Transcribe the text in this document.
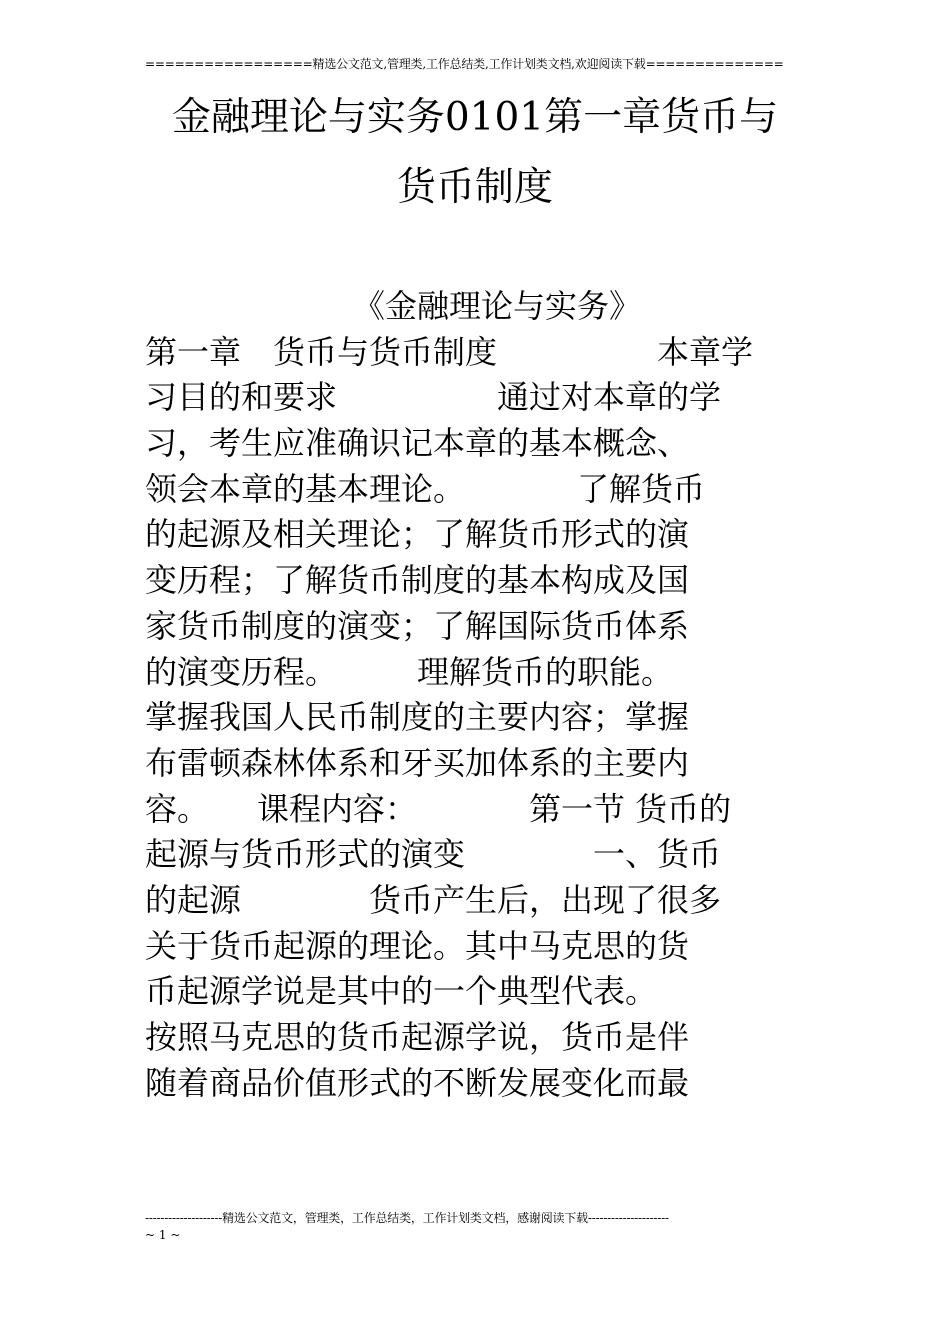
=================精选公文范文,管理类,工作总结类,工作计划类文档,欢迎阅读下载==============
金融理论与实务0101第一章货币与
货币制度
　　　　　　　《金融理论与实务》
第一章　货币与货币制度　　　　　本章学
习目的和要求　　　　　通过对本章的学
习，考生应准确识记本章的基本概念、
领会本章的基本理论。　　　　了解货币
的起源及相关理论；了解货币形式的演
变历程；了解货币制度的基本构成及国
家货币制度的演变；了解国际货币体系
的演变历程。　　　理解货币的职能。
掌握我国人民币制度的主要内容；掌握
布雷顿森林体系和牙买加体系的主要内
容。　　课程内容：　　　　第一节 货币的
起源与货币形式的演变　　　　一、货币
的起源　　　　货币产生后，出现了很多
关于货币起源的理论。其中马克思的货
币起源学说是其中的一个典型代表。
按照马克思的货币起源学说，货币是伴
随着商品价值形式的不断发展变化而最
--------------------精选公文范文，管理类，工作总结类，工作计划类文档，感谢阅读下载---------------------
~ 1 ~
